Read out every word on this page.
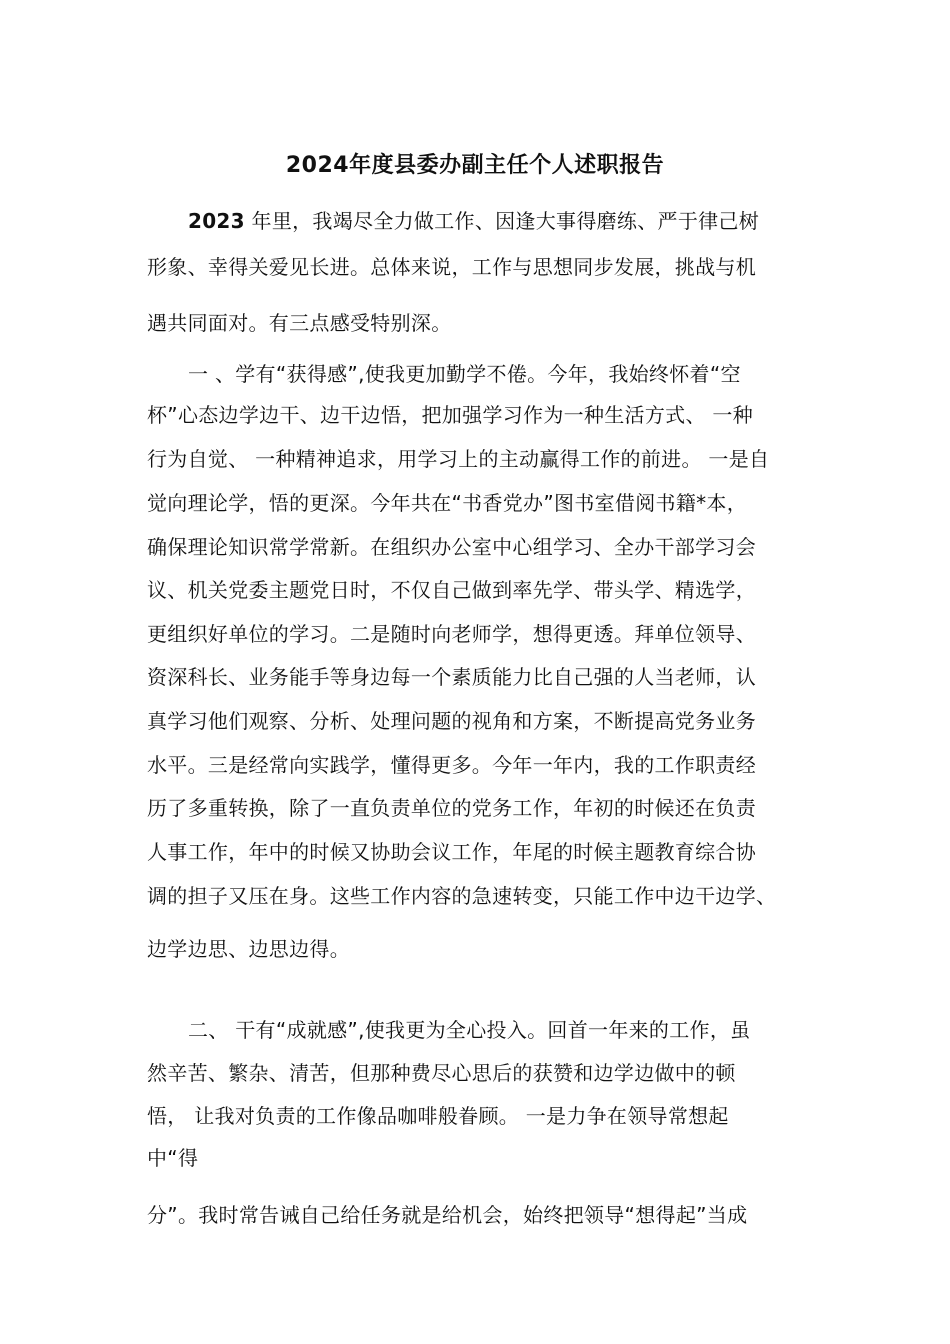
2024年度县委办副主任个人述职报告
2023 年里，我竭尽全力做工作、因逢大事得磨练、严于律己树
形象、幸得关爱见长进。总体来说，工作与思想同步发展，挑战与机
遇共同面对。有三点感受特别深。
一 、学有“获得感”,使我更加勤学不倦。今年，我始终怀着“空
杯”心态边学边干、边干边悟，把加强学习作为一种生活方式、 一种
行为自觉、 一种精神追求，用学习上的主动赢得工作的前进。 一是自
觉向理论学，悟的更深。今年共在“书香党办”图书室借阅书籍*本，
确保理论知识常学常新。在组织办公室中心组学习、全办干部学习会
议、机关党委主题党日时，不仅自己做到率先学、带头学、精选学，
更组织好单位的学习。二是随时向老师学，想得更透。拜单位领导、
资深科长、业务能手等身边每一个素质能力比自己强的人当老师，认
真学习他们观察、分析、处理问题的视角和方案，不断提高党务业务
水平。三是经常向实践学，懂得更多。今年一年内，我的工作职责经
历了多重转换，除了一直负责单位的党务工作，年初的时候还在负责
人事工作，年中的时候又协助会议工作，年尾的时候主题教育综合协
调的担子又压在身。这些工作内容的急速转变，只能工作中边干边学、
边学边思、边思边得。
二、 干有“成就感”,使我更为全心投入。回首一年来的工作，虽
然辛苦、繁杂、清苦，但那种费尽心思后的获赞和边学边做中的顿
悟， 让我对负责的工作像品咖啡般眷顾。 一是力争在领导常想起
中“得
分”。我时常告诫自己给任务就是给机会，始终把领导“想得起”当成
